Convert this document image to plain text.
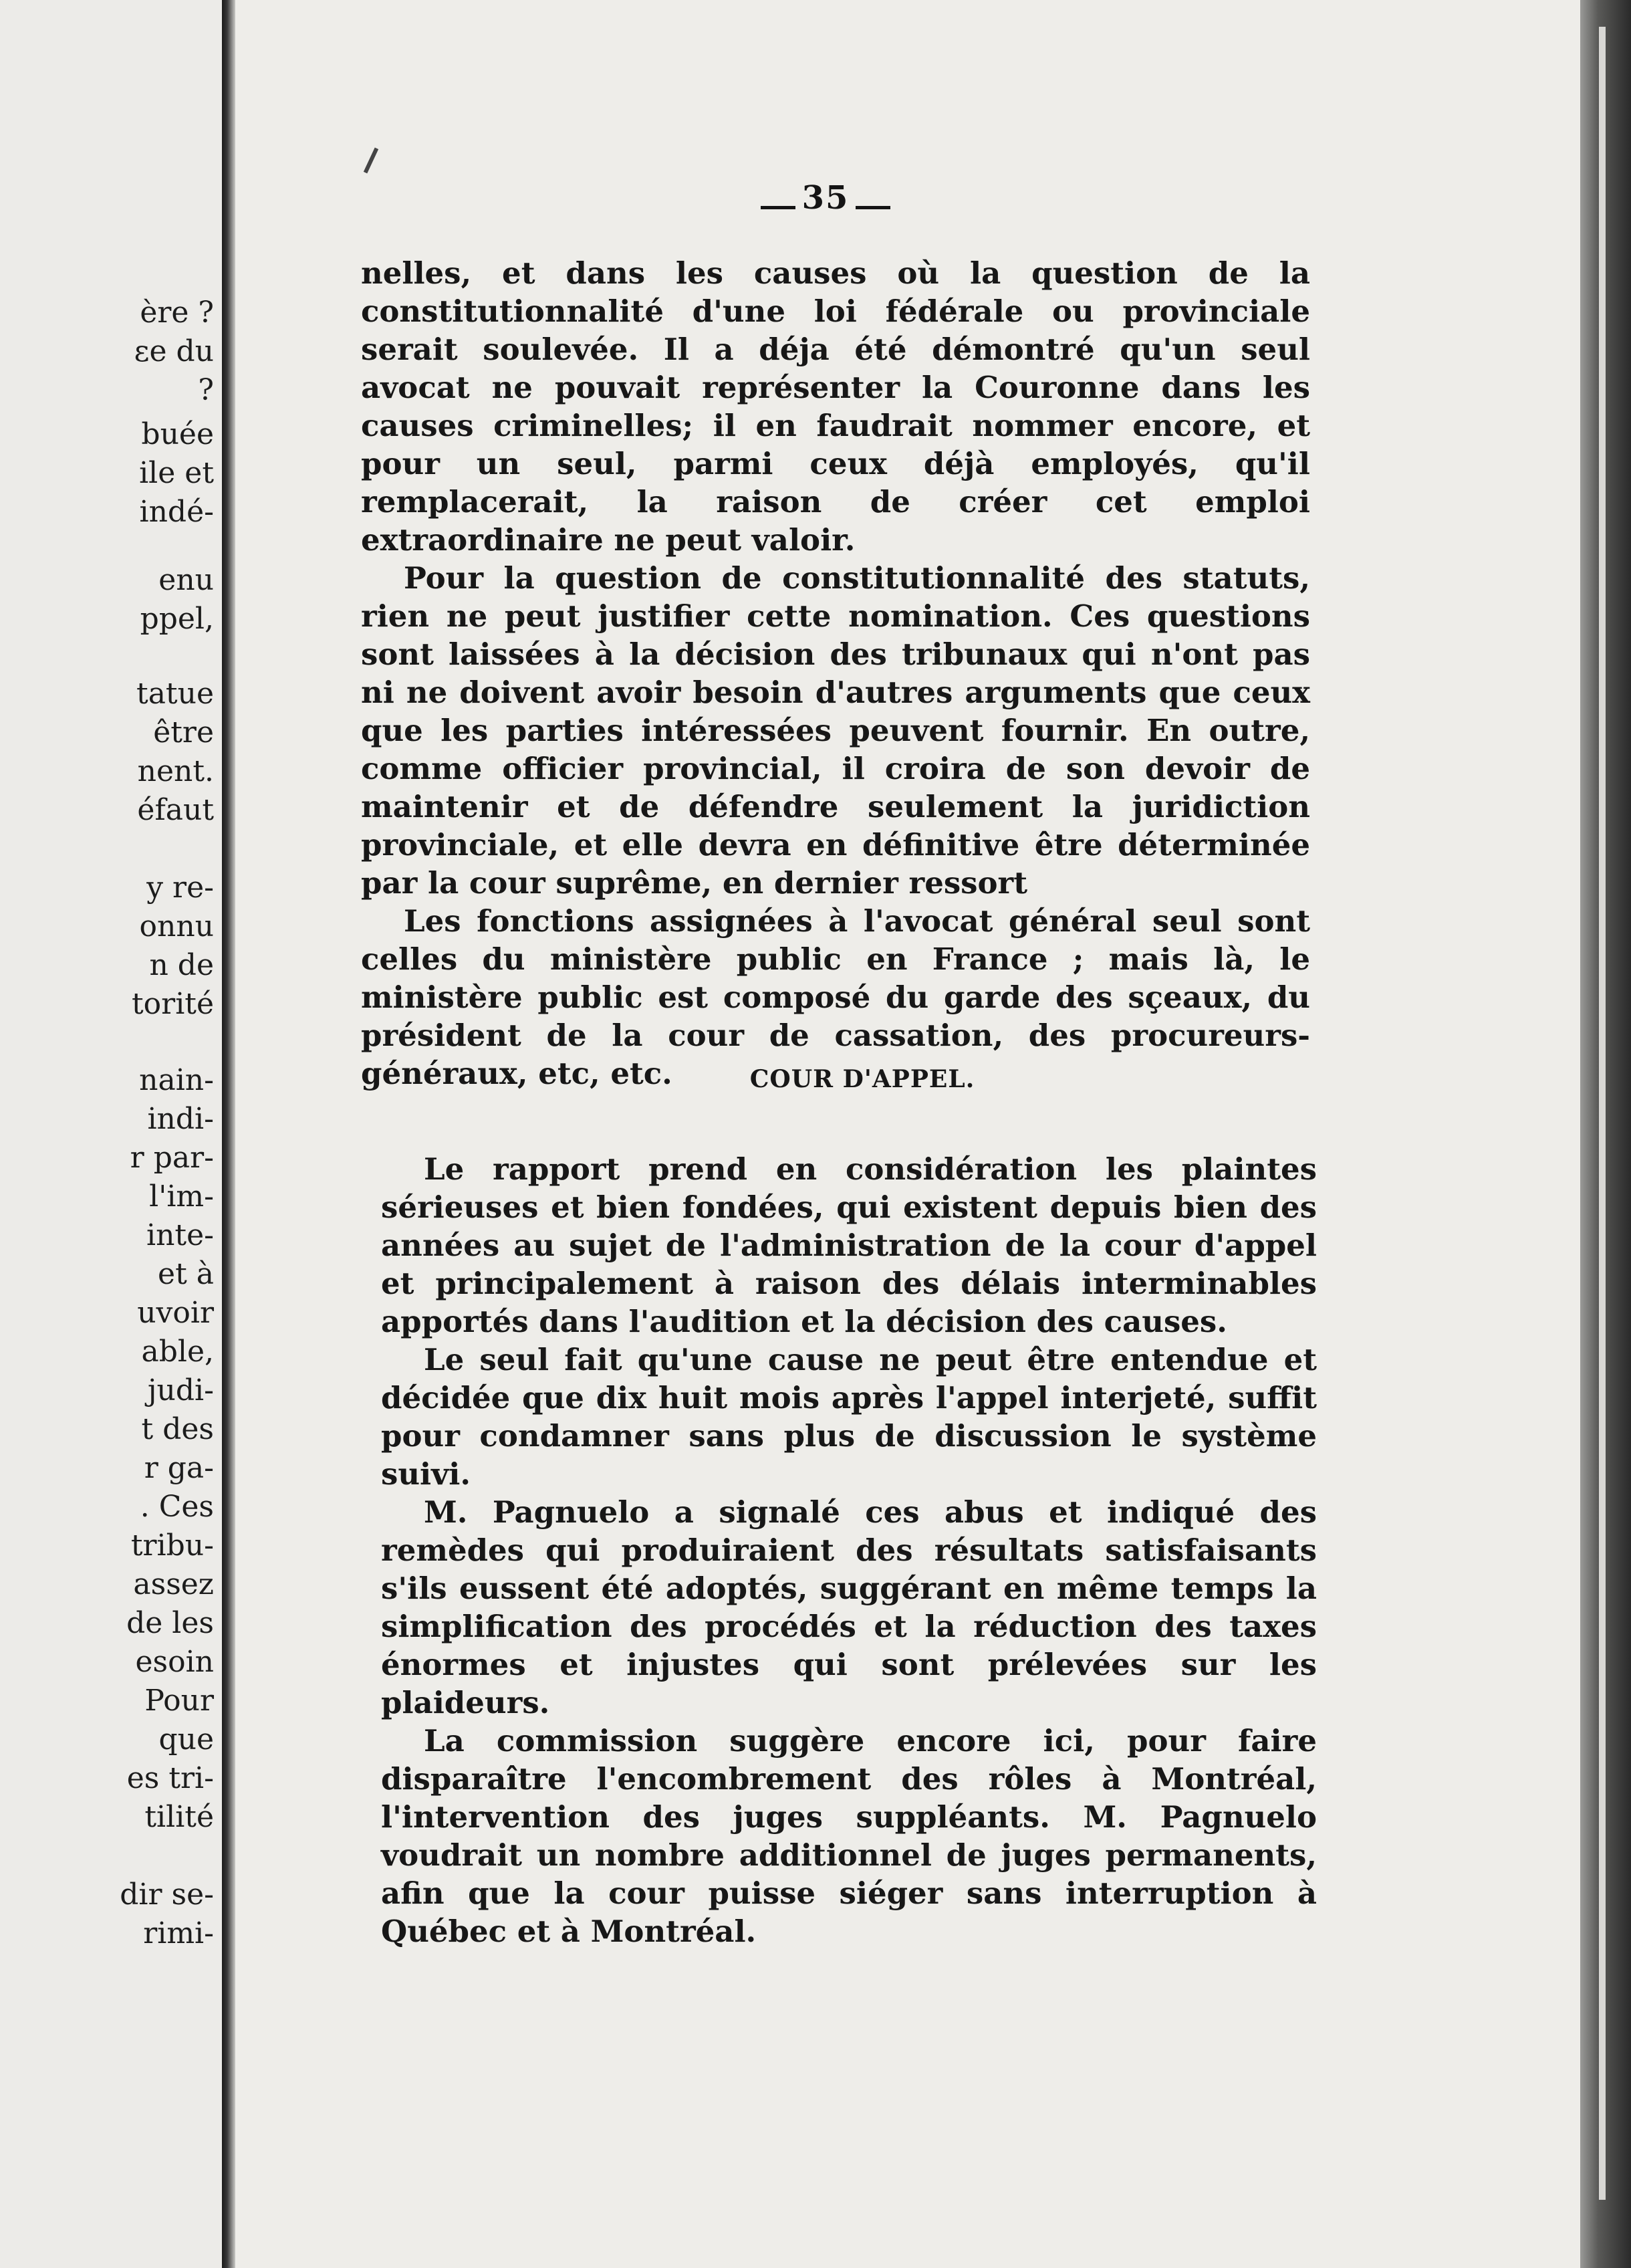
ère ?
ɛe du
?
buée
ile et
indé-
enu
ppel,
tatue
être
nent.
éfaut
y re-
onnu
n de
torité
nain-
indi-
r par-
l'im-
inte-
et à
uvoir
able,
judi-
t des
r ga-
. Ces
tribu-
assez
de les
esoin
Pour
que
es tri-
tilité
dir se-
rimi-
35

nelles, et dans les causes où la question de la constitutionnalité d'une loi fédérale ou provinciale serait soulevée. Il a déja été démontré qu'un seul avocat ne pouvait représenter la Couronne dans les causes criminelles; il en faudrait nommer encore, et pour un seul, parmi ceux déjà employés, qu'il remplacerait, la raison de créer cet emploi extraordinaire ne peut valoir.

Pour la question de constitutionnalité des statuts, rien ne peut justifier cette nomination. Ces questions sont laissées à la décision des tribunaux qui n'ont pas ni ne doivent avoir besoin d'autres arguments que ceux que les parties intéressées peuvent fournir. En outre, comme officier provincial, il croira de son devoir de maintenir et de défendre seulement la juridiction provinciale, et elle devra en définitive être déterminée par la cour suprême, en dernier ressort

Les fonctions assignées à l'avocat général seul sont celles du ministère public en France ; mais là, le ministère public est composé du garde des sçeaux, du président de la cour de cassation, des procureurs-généraux, etc, etc.	COUR D'APPEL.

Le rapport prend en considération les plaintes sérieuses et bien fondées, qui existent depuis bien des années au sujet de l'administration de la cour d'appel et principalement à raison des délais interminables apportés dans l'audition et la décision des causes.

Le seul fait qu'une cause ne peut être entendue et décidée que dix huit mois après l'appel interjeté, suffit pour condamner sans plus de discussion le système suivi.

M. Pagnuelo a signalé ces abus et indiqué des remèdes qui produiraient des résultats satisfaisants s'ils eussent été adoptés, suggérant en même temps la simplification des procédés et la réduction des taxes énormes et injustes qui sont prélevées sur les plaideurs.

La commission suggère encore ici, pour faire disparaître l'encombrement des rôles à Montréal, l'intervention des juges suppléants. M. Pagnuelo voudrait un nombre additionnel de juges permanents, afin que la cour puisse siéger sans interruption à Québec et à Montréal.
